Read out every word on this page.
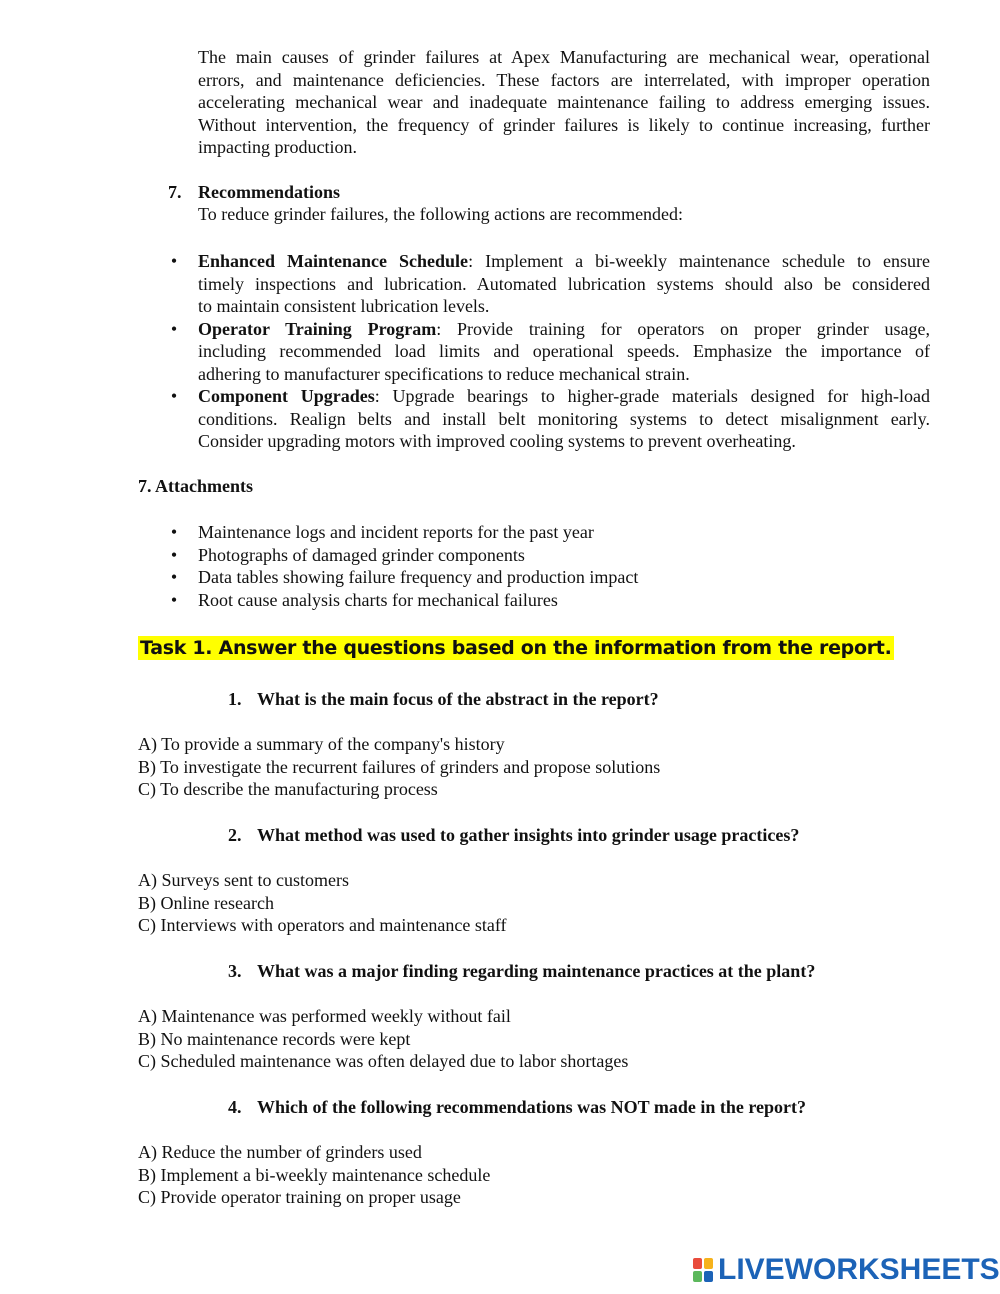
The main causes of grinder failures at Apex Manufacturing are mechanical wear, operational
errors, and maintenance deficiencies. These factors are interrelated, with improper operation
accelerating mechanical wear and inadequate maintenance failing to address emerging issues.
Without intervention, the frequency of grinder failures is likely to continue increasing, further
impacting production.
7. Recommendations
To reduce grinder failures, the following actions are recommended:
• Enhanced Maintenance Schedule: Implement a bi-weekly maintenance schedule to ensure
timely inspections and lubrication. Automated lubrication systems should also be considered
to maintain consistent lubrication levels.
• Operator Training Program: Provide training for operators on proper grinder usage,
including recommended load limits and operational speeds. Emphasize the importance of
adhering to manufacturer specifications to reduce mechanical strain.
• Component Upgrades: Upgrade bearings to higher-grade materials designed for high-load
conditions. Realign belts and install belt monitoring systems to detect misalignment early.
Consider upgrading motors with improved cooling systems to prevent overheating.
7. Attachments
• Maintenance logs and incident reports for the past year
• Photographs of damaged grinder components
• Data tables showing failure frequency and production impact
• Root cause analysis charts for mechanical failures
Task 1. Answer the questions based on the information from the report.
1. What is the main focus of the abstract in the report?
A) To provide a summary of the company's history
B) To investigate the recurrent failures of grinders and propose solutions
C) To describe the manufacturing process
2. What method was used to gather insights into grinder usage practices?
A) Surveys sent to customers
B) Online research
C) Interviews with operators and maintenance staff
3. What was a major finding regarding maintenance practices at the plant?
A) Maintenance was performed weekly without fail
B) No maintenance records were kept
C) Scheduled maintenance was often delayed due to labor shortages
4. Which of the following recommendations was NOT made in the report?
A) Reduce the number of grinders used
B) Implement a bi-weekly maintenance schedule
C) Provide operator training on proper usage
LIVEWORKSHEETS
